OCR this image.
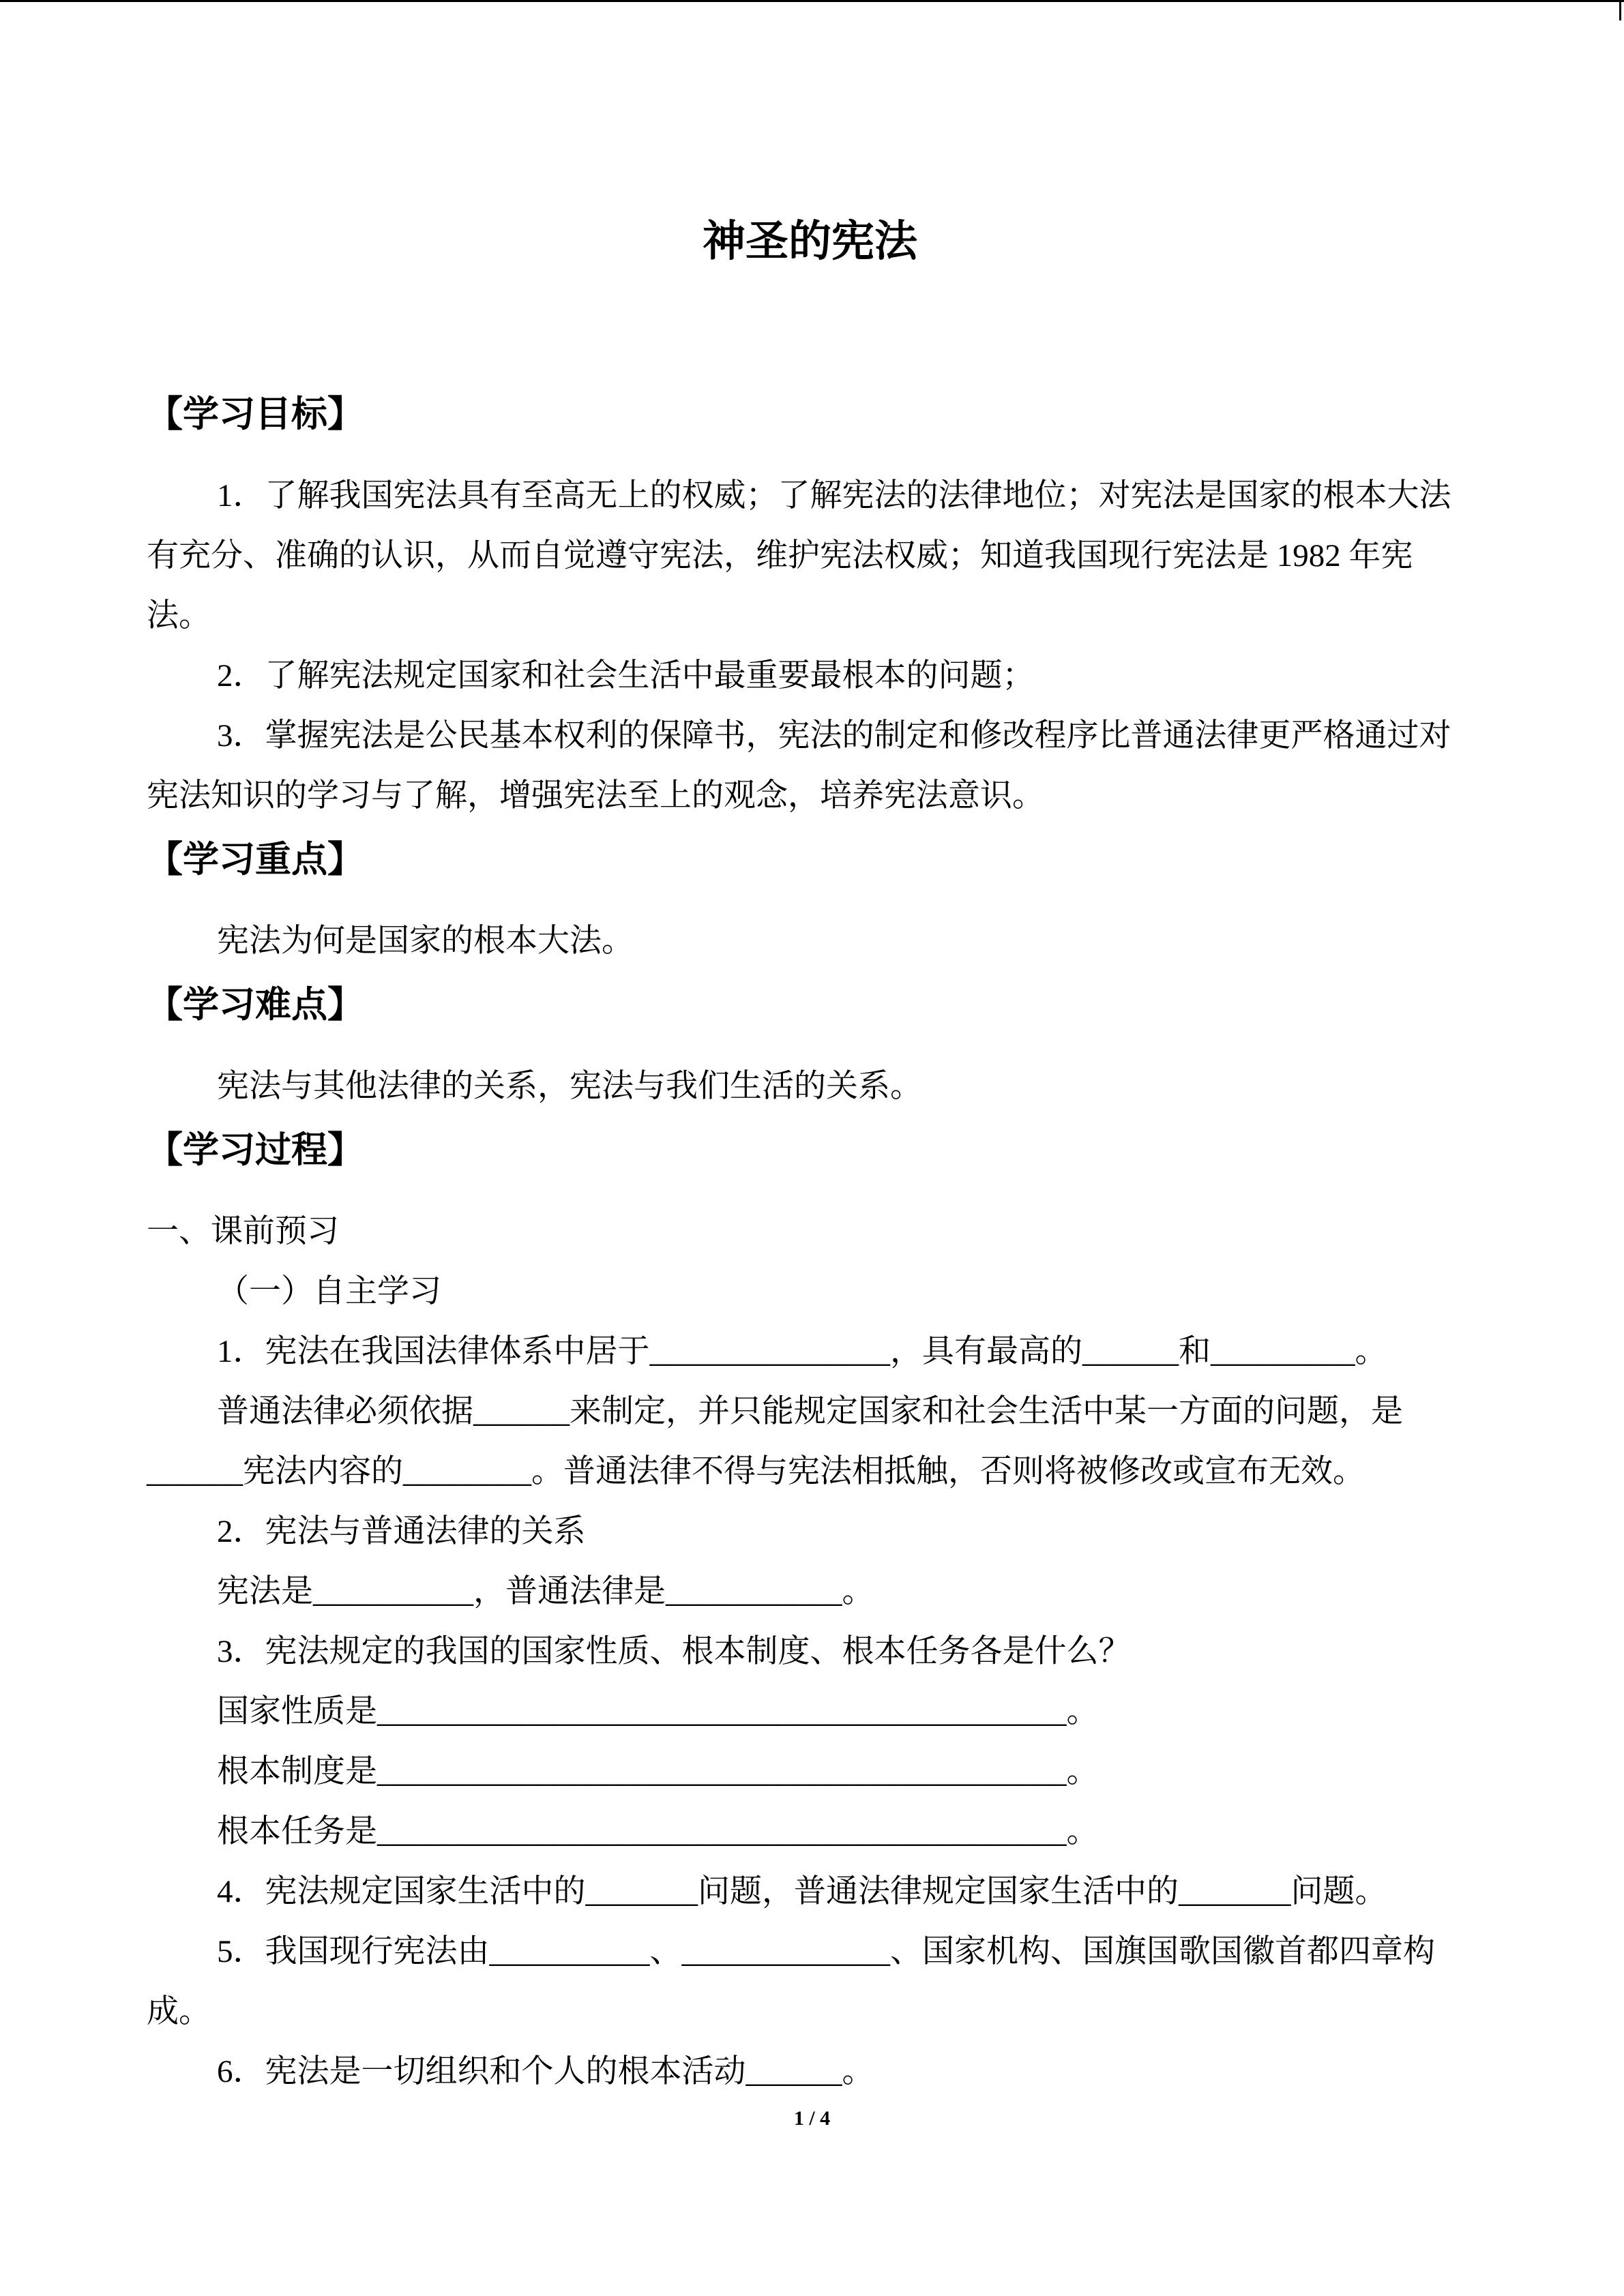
神圣的宪法
【学习目标】
1．了解我国宪法具有至高无上的权威；了解宪法的法律地位；对宪法是国家的根本大法
有充分、准确的认识，从而自觉遵守宪法，维护宪法权威；知道我国现行宪法是 1982 年宪
法。
2．了解宪法规定国家和社会生活中最重要最根本的问题；
3．掌握宪法是公民基本权利的保障书，宪法的制定和修改程序比普通法律更严格通过对
宪法知识的学习与了解，增强宪法至上的观念，培养宪法意识。
【学习重点】
宪法为何是国家的根本大法。
【学习难点】
宪法与其他法律的关系，宪法与我们生活的关系。
【学习过程】
一、课前预习
（一）自主学习
1．宪法在我国法律体系中居于_______________，具有最高的______和_________。
普通法律必须依据______来制定，并只能规定国家和社会生活中某一方面的问题，是
______宪法内容的________。普通法律不得与宪法相抵触，否则将被修改或宣布无效。
2．宪法与普通法律的关系
宪法是__________，普通法律是___________。
3．宪法规定的我国的国家性质、根本制度、根本任务各是什么？
国家性质是___________________________________________。
根本制度是___________________________________________。
根本任务是___________________________________________。
4．宪法规定国家生活中的_______问题，普通法律规定国家生活中的_______问题。
5．我国现行宪法由__________、_____________、国家机构、国旗国歌国徽首都四章构
成。
6．宪法是一切组织和个人的根本活动______。
1 / 4
